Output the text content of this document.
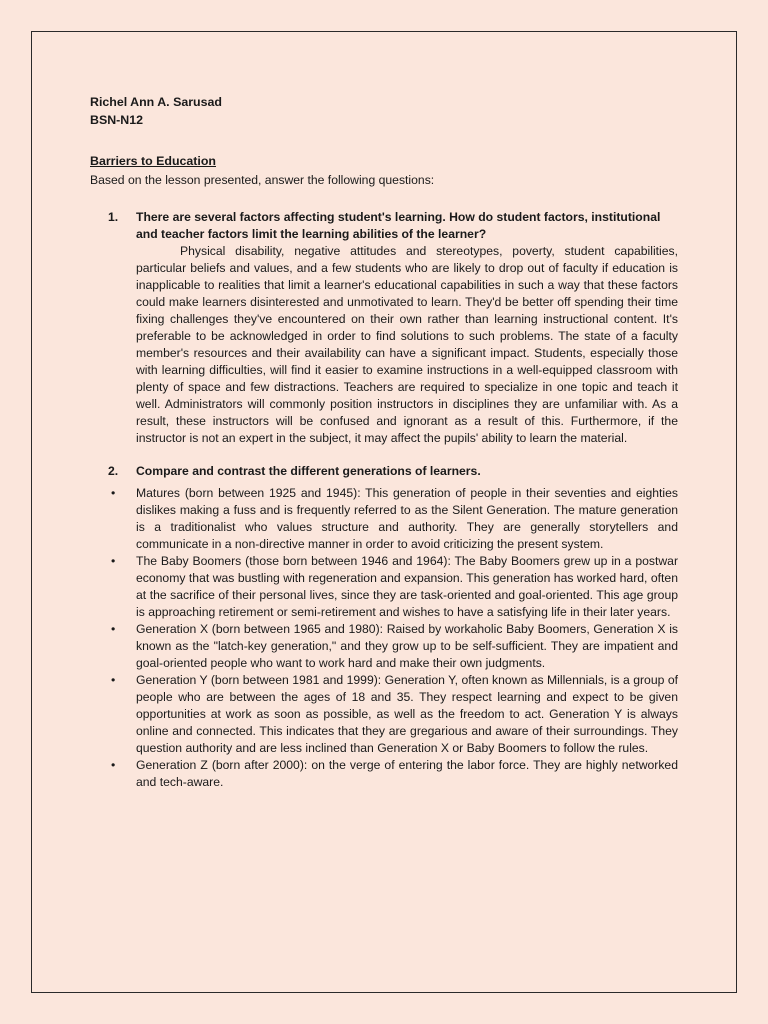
Richel Ann A. Sarusad
BSN-N12
Barriers to Education
Based on the lesson presented, answer the following questions:
1.	There are several factors affecting student's learning. How do student factors, institutional and teacher factors limit the learning abilities of the learner?
Physical disability, negative attitudes and stereotypes, poverty, student capabilities, particular beliefs and values, and a few students who are likely to drop out of faculty if education is inapplicable to realities that limit a learner's educational capabilities in such a way that these factors could make learners disinterested and unmotivated to learn. They'd be better off spending their time fixing challenges they've encountered on their own rather than learning instructional content. It's preferable to be acknowledged in order to find solutions to such problems. The state of a faculty member's resources and their availability can have a significant impact. Students, especially those with learning difficulties, will find it easier to examine instructions in a well-equipped classroom with plenty of space and few distractions. Teachers are required to specialize in one topic and teach it well. Administrators will commonly position instructors in disciplines they are unfamiliar with. As a result, these instructors will be confused and ignorant as a result of this. Furthermore, if the instructor is not an expert in the subject, it may affect the pupils' ability to learn the material.
2.	Compare and contrast the different generations of learners.
•	Matures (born between 1925 and 1945): This generation of people in their seventies and eighties dislikes making a fuss and is frequently referred to as the Silent Generation. The mature generation is a traditionalist who values structure and authority. They are generally storytellers and communicate in a non-directive manner in order to avoid criticizing the present system.
•	The Baby Boomers (those born between 1946 and 1964): The Baby Boomers grew up in a postwar economy that was bustling with regeneration and expansion. This generation has worked hard, often at the sacrifice of their personal lives, since they are task-oriented and goal-oriented. This age group is approaching retirement or semi-retirement and wishes to have a satisfying life in their later years.
•	Generation X (born between 1965 and 1980): Raised by workaholic Baby Boomers, Generation X is known as the "latch-key generation," and they grow up to be self-sufficient. They are impatient and goal-oriented people who want to work hard and make their own judgments.
•	Generation Y (born between 1981 and 1999): Generation Y, often known as Millennials, is a group of people who are between the ages of 18 and 35. They respect learning and expect to be given opportunities at work as soon as possible, as well as the freedom to act. Generation Y is always online and connected. This indicates that they are gregarious and aware of their surroundings. They question authority and are less inclined than Generation X or Baby Boomers to follow the rules.
•	Generation Z (born after 2000): on the verge of entering the labor force. They are highly networked and tech-aware.
